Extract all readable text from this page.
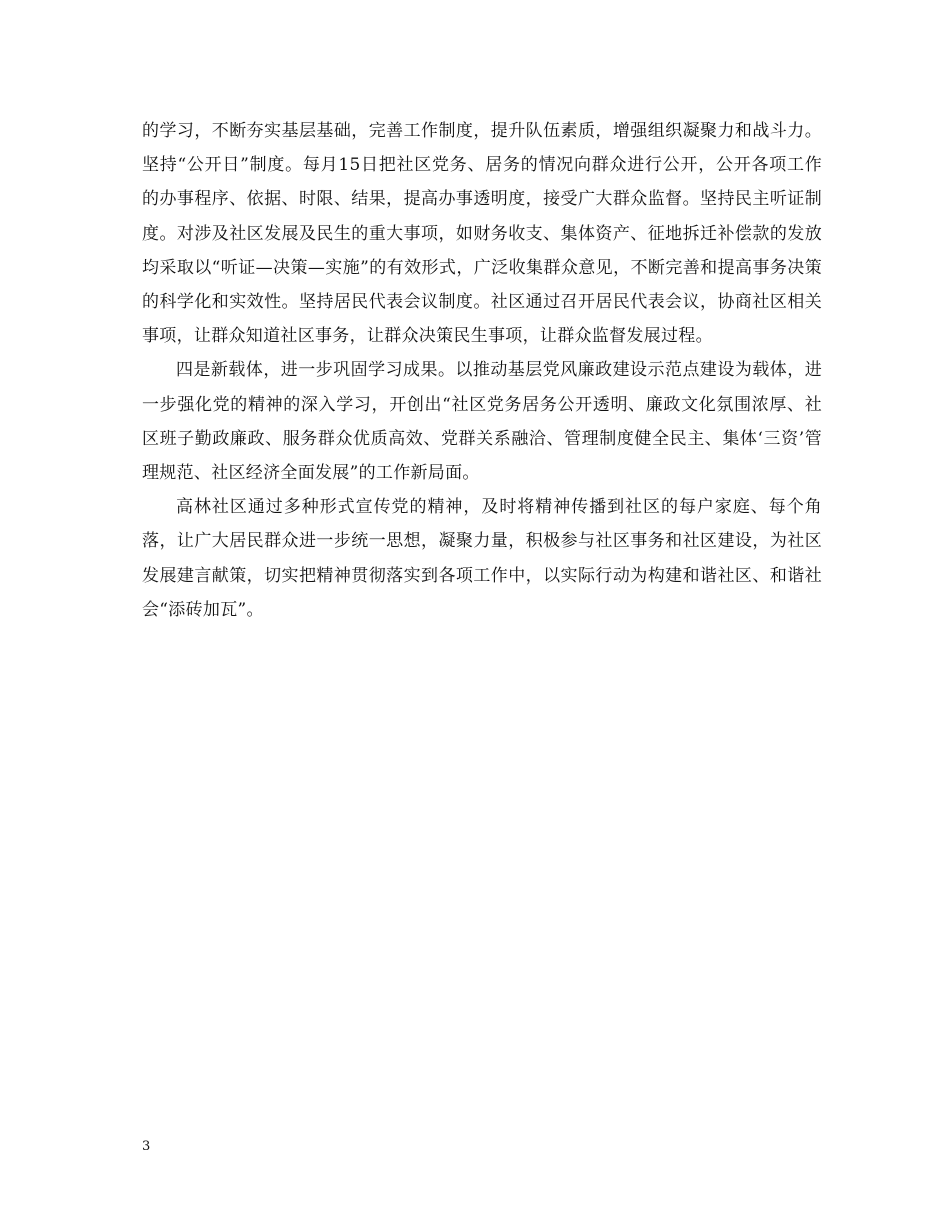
的学习，不断夯实基层基础，完善工作制度，提升队伍素质，增强组织凝聚力和战斗力。坚持“公开日”制度。每月15日把社区党务、居务的情况向群众进行公开，公开各项工作的办事程序、依据、时限、结果，提高办事透明度，接受广大群众监督。坚持民主听证制度。对涉及社区发展及民生的重大事项，如财务收支、集体资产、征地拆迁补偿款的发放均采取以“听证—决策—实施”的有效形式，广泛收集群众意见，不断完善和提高事务决策的科学化和实效性。坚持居民代表会议制度。社区通过召开居民代表会议，协商社区相关事项，让群众知道社区事务，让群众决策民生事项，让群众监督发展过程。

四是新载体，进一步巩固学习成果。以推动基层党风廉政建设示范点建设为载体，进一步强化党的精神的深入学习，开创出“社区党务居务公开透明、廉政文化氛围浓厚、社区班子勤政廉政、服务群众优质高效、党群关系融洽、管理制度健全民主、集体‘三资’管理规范、社区经济全面发展”的工作新局面。

高林社区通过多种形式宣传党的精神，及时将精神传播到社区的每户家庭、每个角落，让广大居民群众进一步统一思想，凝聚力量，积极参与社区事务和社区建设，为社区发展建言献策，切实把精神贯彻落实到各项工作中，以实际行动为构建和谐社区、和谐社会“添砖加瓦”。

3
